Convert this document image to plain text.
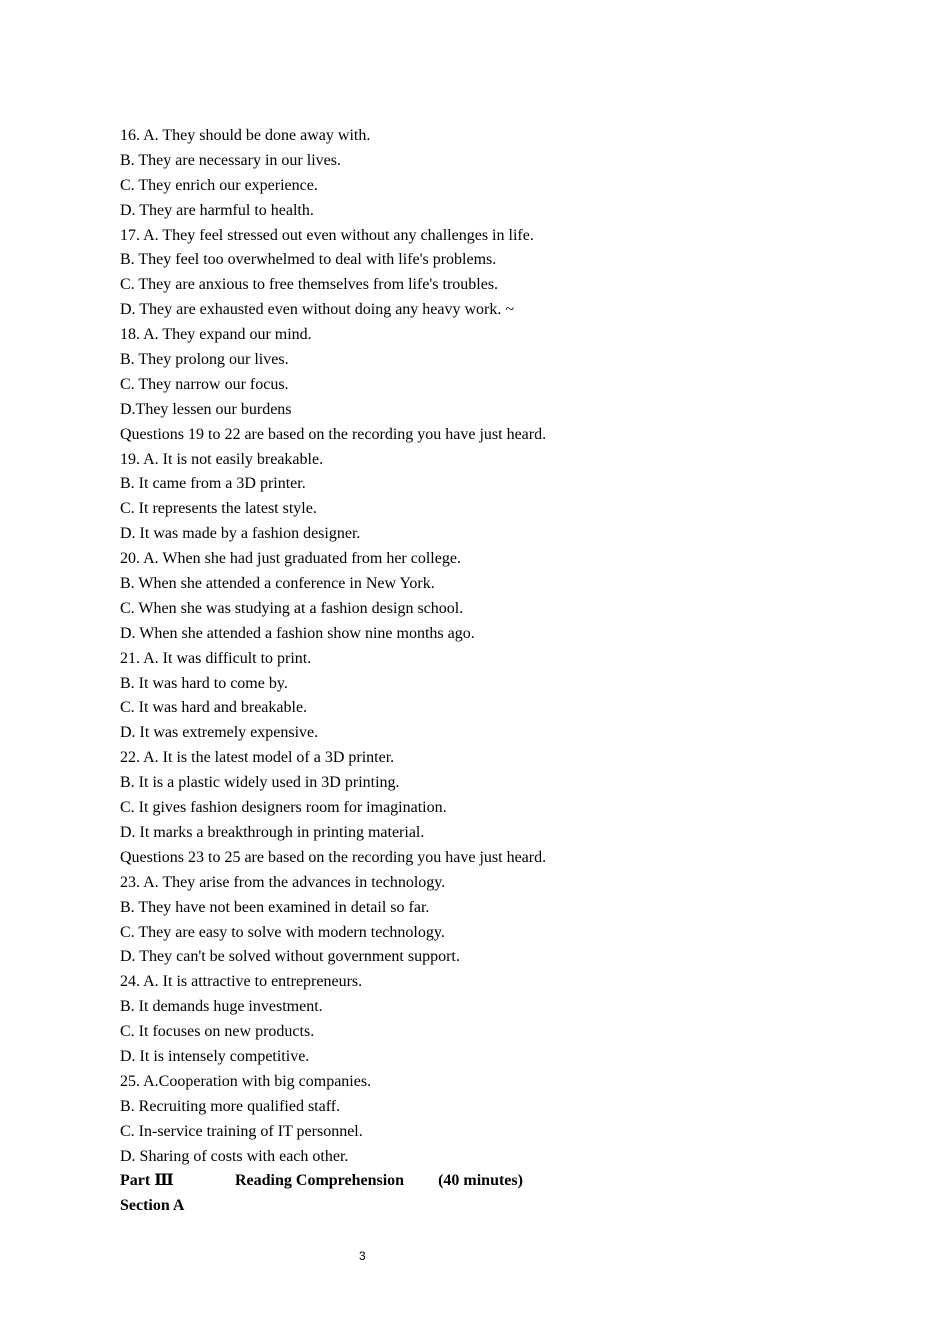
16. A. They should be done away with.
B. They are necessary in our lives.
C. They enrich our experience.
D. They are harmful to health.
17. A. They feel stressed out even without any challenges in life.
B. They feel too overwhelmed to deal with life's problems.
C. They are anxious to free themselves from life's troubles.
D. They are exhausted even without doing any heavy work. ~
18. A. They expand our mind.
B. They prolong our lives.
C. They narrow our focus.
D.They lessen our burdens
Questions 19 to 22 are based on the recording you have just heard.
19. A. It is not easily breakable.
B. It came from a 3D printer.
C. It represents the latest style.
D. It was made by a fashion designer.
20. A. When she had just graduated from her college.
B. When she attended a conference in New York.
C. When she was studying at a fashion design school.
D. When she attended a fashion show nine months ago.
21. A. It was difficult to print.
B. It was hard to come by.
C. It was hard and breakable.
D. It was extremely expensive.
22. A. It is the latest model of a 3D printer.
B. It is a plastic widely used in 3D printing.
C. It gives fashion designers room for imagination.
D. It marks a breakthrough in printing material.
Questions 23 to 25 are based on the recording you have just heard.
23. A. They arise from the advances in technology.
B. They have not been examined in detail so far.
C. They are easy to solve with modern technology.
D. They can't be solved without government support.
24. A. It is attractive to entrepreneurs.
B. It demands huge investment.
C. It focuses on new products.
D. It is intensely competitive.
25. A.Cooperation with big companies.
B. Recruiting more qualified staff.
C. In-service training of IT personnel.
D. Sharing of costs with each other.
Part Ⅲ	Reading Comprehension (40 minutes)
Section A
3
